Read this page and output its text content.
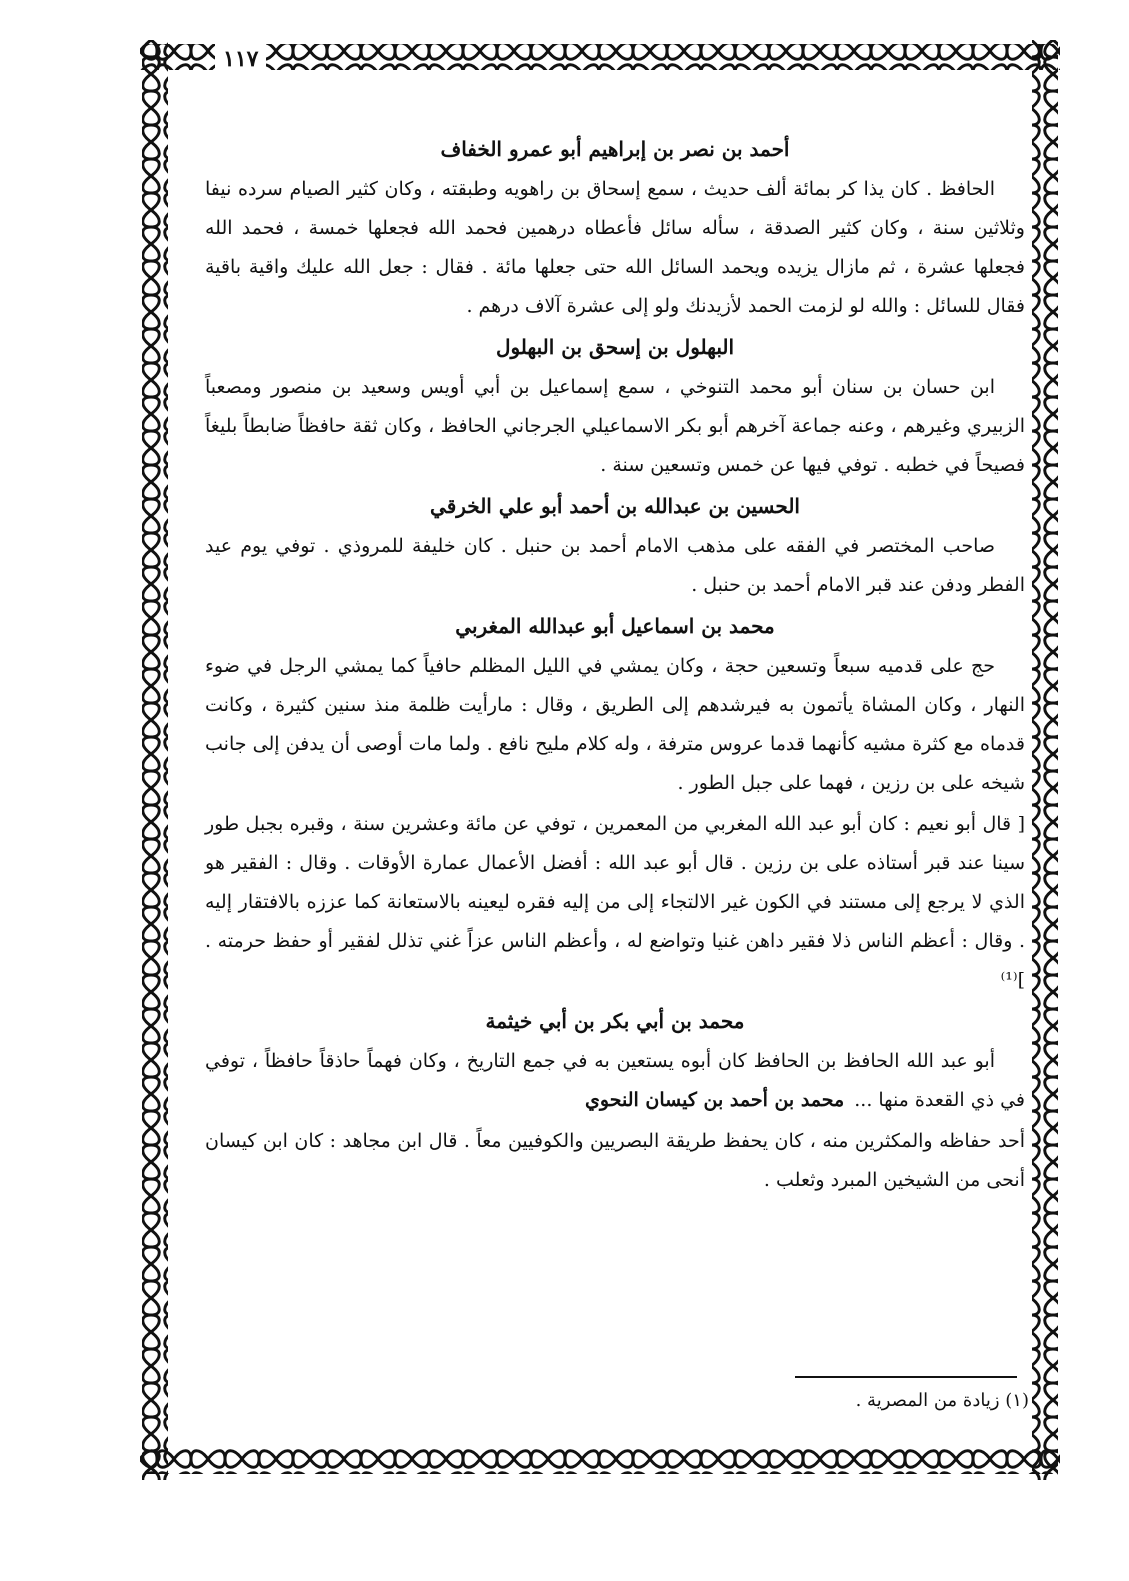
١١٧
أحمد بن نصر بن إبراهيم أبو عمرو الخفاف

الحافظ . كان يذا كر بمائة ألف حديث ، سمع إسحاق بن راهويه وطبقته ، وكان كثير الصيام سرده نيفا وثلاثين سنة ، وكان كثير الصدقة ، سأله سائل فأعطاه درهمين فحمد الله فجعلها خمسة ، فحمد الله فجعلها عشرة ، ثم مازال يزيده ويحمد السائل الله حتى جعلها مائة . فقال : جعل الله عليك واقية باقية فقال للسائل : والله لو لزمت الحمد لأزيدنك ولو إلى عشرة آلاف درهم .

البهلول بن إسحق بن البهلول

ابن حسان بن سنان أبو محمد التنوخي ، سمع إسماعيل بن أبي أويس وسعيد بن منصور ومصعباً الزبيري وغيرهم ، وعنه جماعة آخرهم أبو بكر الاسماعيلي الجرجاني الحافظ ، وكان ثقة حافظاً ضابطاً بليغاً فصيحاً في خطبه . توفي فيها عن خمس وتسعين سنة .

الحسين بن عبدالله بن أحمد أبو علي الخرقي

صاحب المختصر في الفقه على مذهب الامام أحمد بن حنبل . كان خليفة للمروذي . توفي يوم عيد الفطر ودفن عند قبر الامام أحمد بن حنبل .

محمد بن اسماعيل أبو عبدالله المغربي

حج على قدميه سبعاً وتسعين حجة ، وكان يمشي في الليل المظلم حافياً كما يمشي الرجل في ضوء النهار ، وكان المشاة يأتمون به فيرشدهم إلى الطريق ، وقال : مارأيت ظلمة منذ سنين كثيرة ، وكانت قدماه مع كثرة مشيه كأنهما قدما عروس مترفة ، وله كلام مليح نافع . ولما مات أوصى أن يدفن إلى جانب شيخه على بن رزين ، فهما على جبل الطور .

[ قال أبو نعيم : كان أبو عبد الله المغربي من المعمرين ، توفي عن مائة وعشرين سنة ، وقبره بجبل طور سينا عند قبر أستاذه على بن رزين . قال أبو عبد الله : أفضل الأعمال عمارة الأوقات . وقال : الفقير هو الذي لا يرجع إلى مستند في الكون غير الالتجاء إلى من إليه فقره ليعينه بالاستعانة كما عززه بالافتقار إليه . وقال : أعظم الناس ذلا فقير داهن غنيا وتواضع له ، وأعظم الناس عزاً غني تذلل لفقير أو حفظ حرمته . ]⁽¹⁾

محمد بن أبي بكر بن أبي خيثمة

أبو عبد الله الحافظ بن الحافظ كان أبوه يستعين به في جمع التاريخ ، وكان فهماً حاذقاً حافظاً ، توفي في ذي القعدة منها ...محمد بن أحمد بن كيسان النحوي

أحد حفاظه والمكثرين منه ، كان يحفظ طريقة البصريين والكوفيين معاً . قال ابن مجاهد : كان ابن كيسان أنحى من الشيخين المبرد وثعلب .

(١) زيادة من المصرية .
